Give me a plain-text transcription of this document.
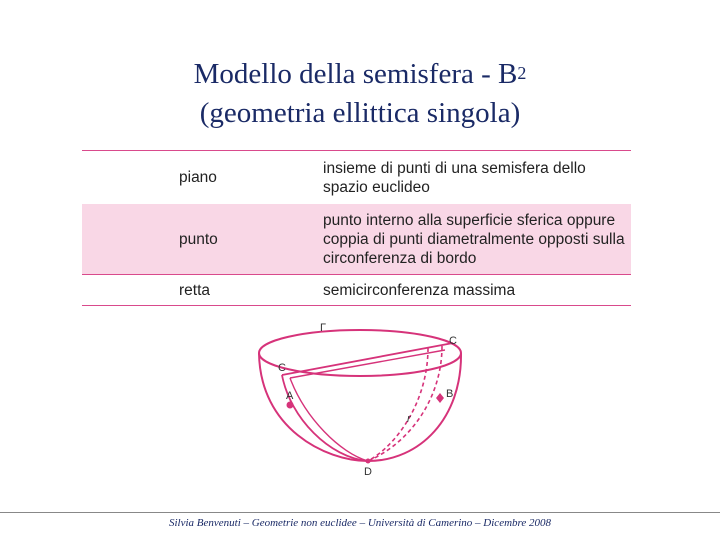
Modello della semisfera - $B^2$
(geometria ellittica singola)
piano
insieme di punti di una semisfera dello spazio euclideo
punto
punto interno alla superficie sferica oppure coppia di punti diametralmente opposti sulla circonferenza di bordo
retta	semicirconferenza massima
Γ
C
C
A	B
r
D
Silvia Benvenuti – Geometrie non euclidee – Università di Camerino – Dicembre 2008
